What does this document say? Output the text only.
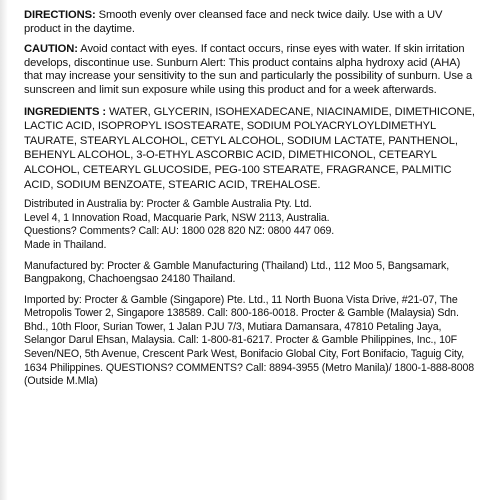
DIRECTIONS: Smooth evenly over cleansed face and neck twice daily. Use with a UV product in the daytime.

CAUTION: Avoid contact with eyes. If contact occurs, rinse eyes with water. If skin irritation develops, discontinue use. Sunburn Alert: This product contains alpha hydroxy acid (AHA) that may increase your sensitivity to the sun and particularly the possibility of sunburn. Use a sunscreen and limit sun exposure while using this product and for a week afterwards.

INGREDIENTS : WATER, GLYCERIN, ISOHEXADECANE, NIACINAMIDE, DIMETHICONE, LACTIC ACID, ISOPROPYL ISOSTEARATE, SODIUM POLYACRYLOYLDIMETHYL TAURATE, STEARYL ALCOHOL, CETYL ALCOHOL, SODIUM LACTATE, PANTHENOL, BEHENYL ALCOHOL, 3-O-ETHYL ASCORBIC ACID, DIMETHICONOL, CETEARYL ALCOHOL, CETEARYL GLUCOSIDE, PEG-100 STEARATE, FRAGRANCE, PALMITIC ACID, SODIUM BENZOATE, STEARIC ACID, TREHALOSE.

Distributed in Australia by: Procter & Gamble Australia Pty. Ltd.

Level 4, 1 Innovation Road, Macquarie Park, NSW 2113, Australia.

Questions? Comments? Call: AU: 1800 028 820 NZ: 0800 447 069.

Made in Thailand.

Manufactured by: Procter & Gamble Manufacturing (Thailand) Ltd., 112 Moo 5, Bangsamark, Bangpakong, Chachoengsao 24180 Thailand.

Imported by: Procter & Gamble (Singapore) Pte. Ltd., 11 North Buona Vista Drive, #21-07, The Metropolis Tower 2, Singapore 138589. Call: 800-186-0018. Procter & Gamble (Malaysia) Sdn. Bhd., 10th Floor, Surian Tower, 1 Jalan PJU 7/3, Mutiara Damansara, 47810 Petaling Jaya, Selangor Darul Ehsan, Malaysia. Call: 1-800-81-6217. Procter & Gamble Philippines, Inc., 10F Seven/NEO, 5th Avenue, Crescent Park West, Bonifacio Global City, Fort Bonifacio, Taguig City, 1634 Philippines. QUESTIONS? COMMENTS? Call: 8894-3955 (Metro Manila)/ 1800-1-888-8008 (Outside M.Mla)
